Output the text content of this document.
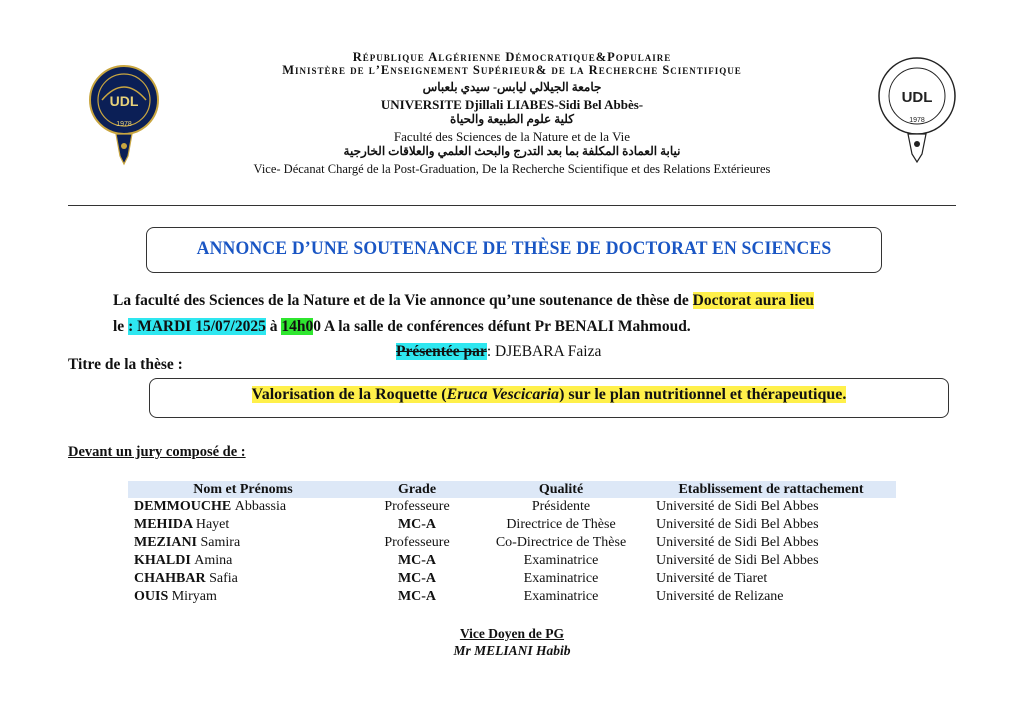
UDL
1978
UDL
1978
République Algérienne Démocratique&Populaire
Ministère de l’Enseignement Supérieur& de la Recherche Scientifique
جامعة الجيلالي ليابس- سيدي بلعباس
UNIVERSITE Djillali LIABES-Sidi Bel Abbès-
كلية علوم الطبيعة والحياة
Faculté des Sciences de la Nature et de la Vie
نيابة العمادة المكلفة بما بعد التدرج والبحث العلمي والعلاقات الخارجية
Vice- Décanat Chargé de la Post-Graduation, De la Recherche Scientifique et des Relations Extérieures
ANNONCE D’UNE SOUTENANCE DE THÈSE DE DOCTORAT EN SCIENCES
La faculté des Sciences de la Nature et de la Vie annonce qu’une soutenance de thèse de Doctorat aura lieu
le : MARDI 15/07/2025 à 14h00 A la salle de conférences défunt Pr BENALI Mahmoud.
Présentée par: DJEBARA Faiza
Titre de la thèse :
Valorisation de la Roquette (Eruca Vescicaria) sur le plan nutritionnel et thérapeutique.
Devant un jury composé de :
Nom et Prénoms	Grade	Qualité	Etablissement de rattachement
DEMMOUCHE Abbassia	Professeure	Présidente	Université de Sidi Bel Abbes
MEHIDA Hayet	MC-A	Directrice de Thèse	Université de Sidi Bel Abbes
MEZIANI Samira	Professeure	Co-Directrice de Thèse	Université de Sidi Bel Abbes
KHALDI Amina	MC-A	Examinatrice	Université de Sidi Bel Abbes
CHAHBAR Safia	MC-A	Examinatrice	Université de Tiaret
OUIS Miryam	MC-A	Examinatrice	Université de Relizane
Vice Doyen de PG
Mr MELIANI Habib
